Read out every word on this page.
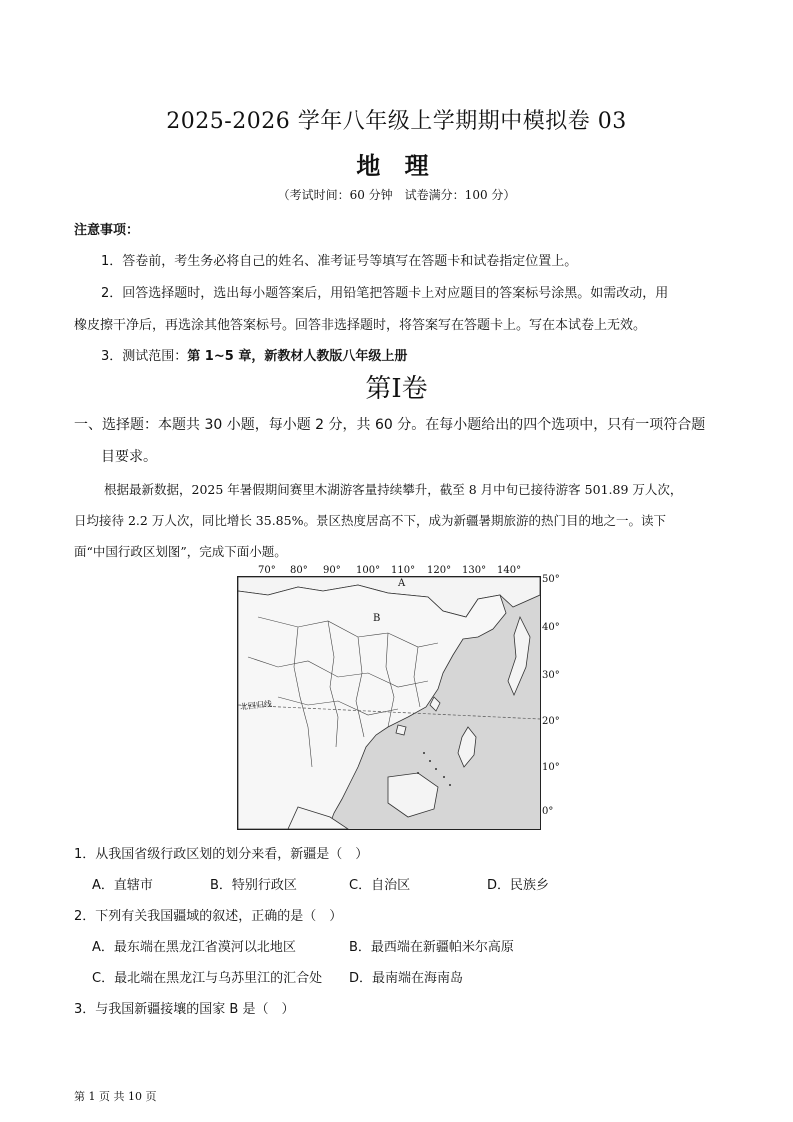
2025-2026 学年八年级上学期期中模拟卷 03
地 理
（考试时间：60 分钟　试卷满分：100 分）
注意事项：
1．答卷前，考生务必将自己的姓名、准考证号等填写在答题卡和试卷指定位置上。
2．回答选择题时，选出每小题答案后，用铅笔把答题卡上对应题目的答案标号涂黑。如需改动，用
橡皮擦干净后，再选涂其他答案标号。回答非选择题时，将答案写在答题卡上。写在本试卷上无效。
3．测试范围：第 1~5 章，新教材人教版八年级上册
第I卷
一、选择题：本题共 30 小题，每小题 2 分，共 60 分。在每小题给出的四个选项中，只有一项符合题
目要求。
根据最新数据，2025 年暑假期间赛里木湖游客量持续攀升，截至 8 月中旬已接待游客 501.89 万人次，
日均接待 2.2 万人次，同比增长 35.85%。景区热度居高不下，成为新疆暑期旅游的热门目的地之一。读下
面“中国行政区划图”，完成下面小题。
70° 80° 90° 100° 110° 120° 130° 140°
50°
40°
30°
20°
10°
0°
A
B
北回归线
1．从我国省级行政区划的划分来看，新疆是（　）
A．直辖市	B．特别行政区	C．自治区	D．民族乡
2．下列有关我国疆域的叙述，正确的是（　）
A．最东端在黑龙江省漠河以北地区	B．最西端在新疆帕米尔高原
C．最北端在黑龙江与乌苏里江的汇合处 D．最南端在海南岛
3．与我国新疆接壤的国家 B 是（　）
第 1 页 共 10 页
